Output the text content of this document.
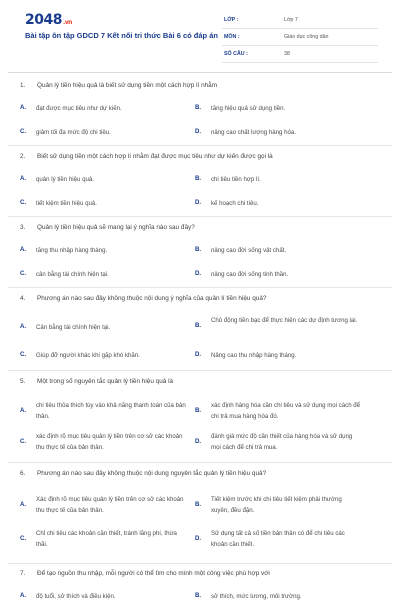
2048.vn
Bài tập ôn tập GDCD 7 Kết nối tri thức Bài 6 có đáp án
LỚP :	Lớp 7
MÔN :	Giáo dục công dân
SỐ CÂU :	38
1. Quản lý tiền hiệu quả là biết sử dụng tiền một cách hợp lí nhằm
A. đạt được mục tiêu như dự kiến.	B. tăng hiệu quả sử dụng tiền.
C. giảm tối đa mức độ chi tiêu.	D. nâng cao chất lượng hàng hóa.
2. Biết sử dụng tiền một cách hợp lí nhằm đạt được mục tiêu như dự kiến được gọi là
A. quản lý tiền hiệu quả.	B. chi tiêu tiền hợp lí.
C. tiết kiệm tiền hiệu quả.	D. kế hoạch chi tiêu.
3. Quản lý tiền hiệu quả sẽ mang lại ý nghĩa nào sau đây?
A. tăng thu nhập hàng tháng.	B. nâng cao đời sống vật chất.
C. cân bằng tài chính hiện tại.	D. nâng cao đời sống tinh thần.
4. Phương án nào sau đây không thuộc nội dung ý nghĩa của quản lí tiền hiệu quả?
A. Cân bằng tài chính hiện tại.	B.
Chủ động tiền bạc để thực hiện các dự định tương lai.
C. Giúp đỡ người khác khi gặp khó khăn.	D. Nâng cao thu nhập hàng tháng.
5. Một trong số nguyên tắc quản lý tiền hiệu quả là
A.
chi tiêu thỏa thích tùy vào khả năng thanh toán của bản thân.
B.
xác định hàng hóa cần chi tiêu và sử dụng mọi cách để chi trả mua hàng hóa đó.
C.
xác định rõ mục tiêu quản lý tiền trên cơ sở các khoản thu thực tế của bản thân.
D.
đánh giá mức độ cần thiết của hàng hóa và sử dụng mọi cách để chi trả mua.
6. Phương án nào sau đây không thuộc nội dung nguyên tắc quản lý tiền hiệu quả?
A.
Xác định rõ mục tiêu quản lý tiền trên cơ sở các khoản thu thực tế của bản thân.
B.
Tiết kiệm trước khi chi tiêu tiết kiệm phải thường xuyên, đều đặn.
C.
Chỉ chi tiêu các khoản cần thiết, tránh lãng phí, thừa thãi.
D.
Sử dụng tất cả số tiền bản thân có để chi tiêu các khoản cần thiết.
7. Để tạo nguồn thu nhập, mỗi người có thể tìm cho mình một công việc phù hợp với
A. độ tuổi, sở thích và điều kiện.	B. sở thích, mức lương, môi trường.
